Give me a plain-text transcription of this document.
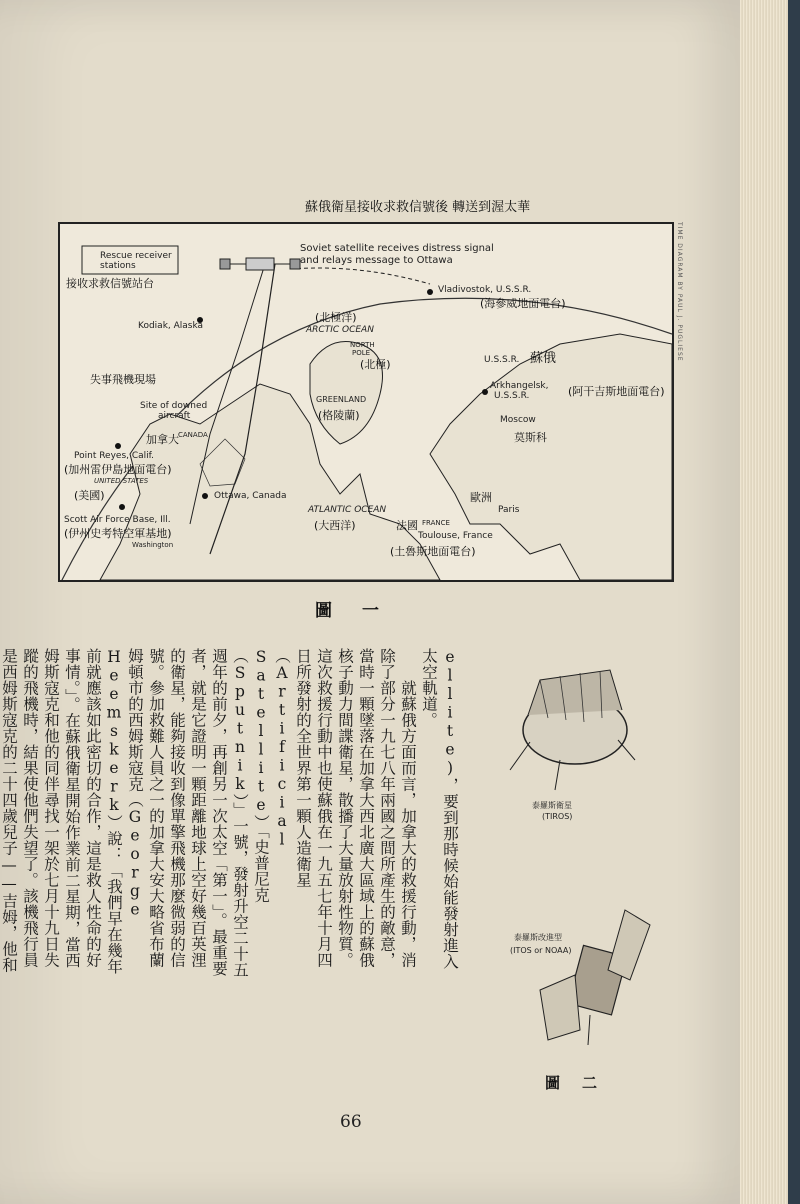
蘇俄衛星接收求救信號後 轉送到渥太華
TIME DIAGRAM BY PAUL J. PUGLIESE
Rescue receiver
stations
接收求救信號站台
Soviet satellite receives distress signal
and relays message to Ottawa
Vladivostok, U.S.S.R.
(海參威地面電台)
Kodiak, Alaska	ARCTIC OCEAN
(北極洋)
NORTH
POLE
(北極)	U.S.S.R. 蘇俄
失事飛機現場
Site of downed
aircraft
GREENLAND
(格陵蘭)
Arkhangelsk,
U.S.S.R.	(阿干吉斯地面電台)
CANADA
加拿大
Moscow
莫斯科
Point Reyes, Calif.
(加州雷伊島地面電台)
UNITED STATES
(美國)	Ottawa, Canada	歐洲
Scott Air Force Base, Ill.
(伊州史考特空軍基地)
Washington
ATLANTIC OCEAN
(大西洋)
Paris
法國 FRANCE
Toulouse, France
(土魯斯地面電台)
圖一
ellite)，要到那時候始能發射進入太空軌道。
　　就蘇俄方面而言，加拿大的救援行動，消除了部分一九七八年兩國之間所產生的敵意，當時一顆墜落在加拿大西北廣大區域上的蘇俄核子動力間諜衛星，散播了大量放射性物質。這次救援行動中也使蘇俄在一九五七年十月四日所發射的全世界第一顆人造衛星（Artificial Satellite）「史普尼克（Sputnik）」一號，發射升空二十五週年的前夕，再創另一次太空「第一」。最重要者，就是它證明一顆距離地球上空好幾百英浬的衛星，能夠接收到像單擎飛機那麼微弱的信號。參加救難人員之一的加拿大安大略省布蘭姆頓市的西姆斯寇克（George Heemskerk）說：「我們早在幾年前就應該如此密切的合作，這是救人性命的好事情。」。在蘇俄衛星開始作業前二星期，當西姆斯寇克和他的同伴尋找一架於七月十九日失蹤的飛機時，結果使他們失望了。該機飛行員是西姆斯寇克的二十四歲兒子——吉姆，他和

泰羅斯衛星
(TIROS)
泰羅斯改進型
(ITOS or NOAA)
圖二
66
